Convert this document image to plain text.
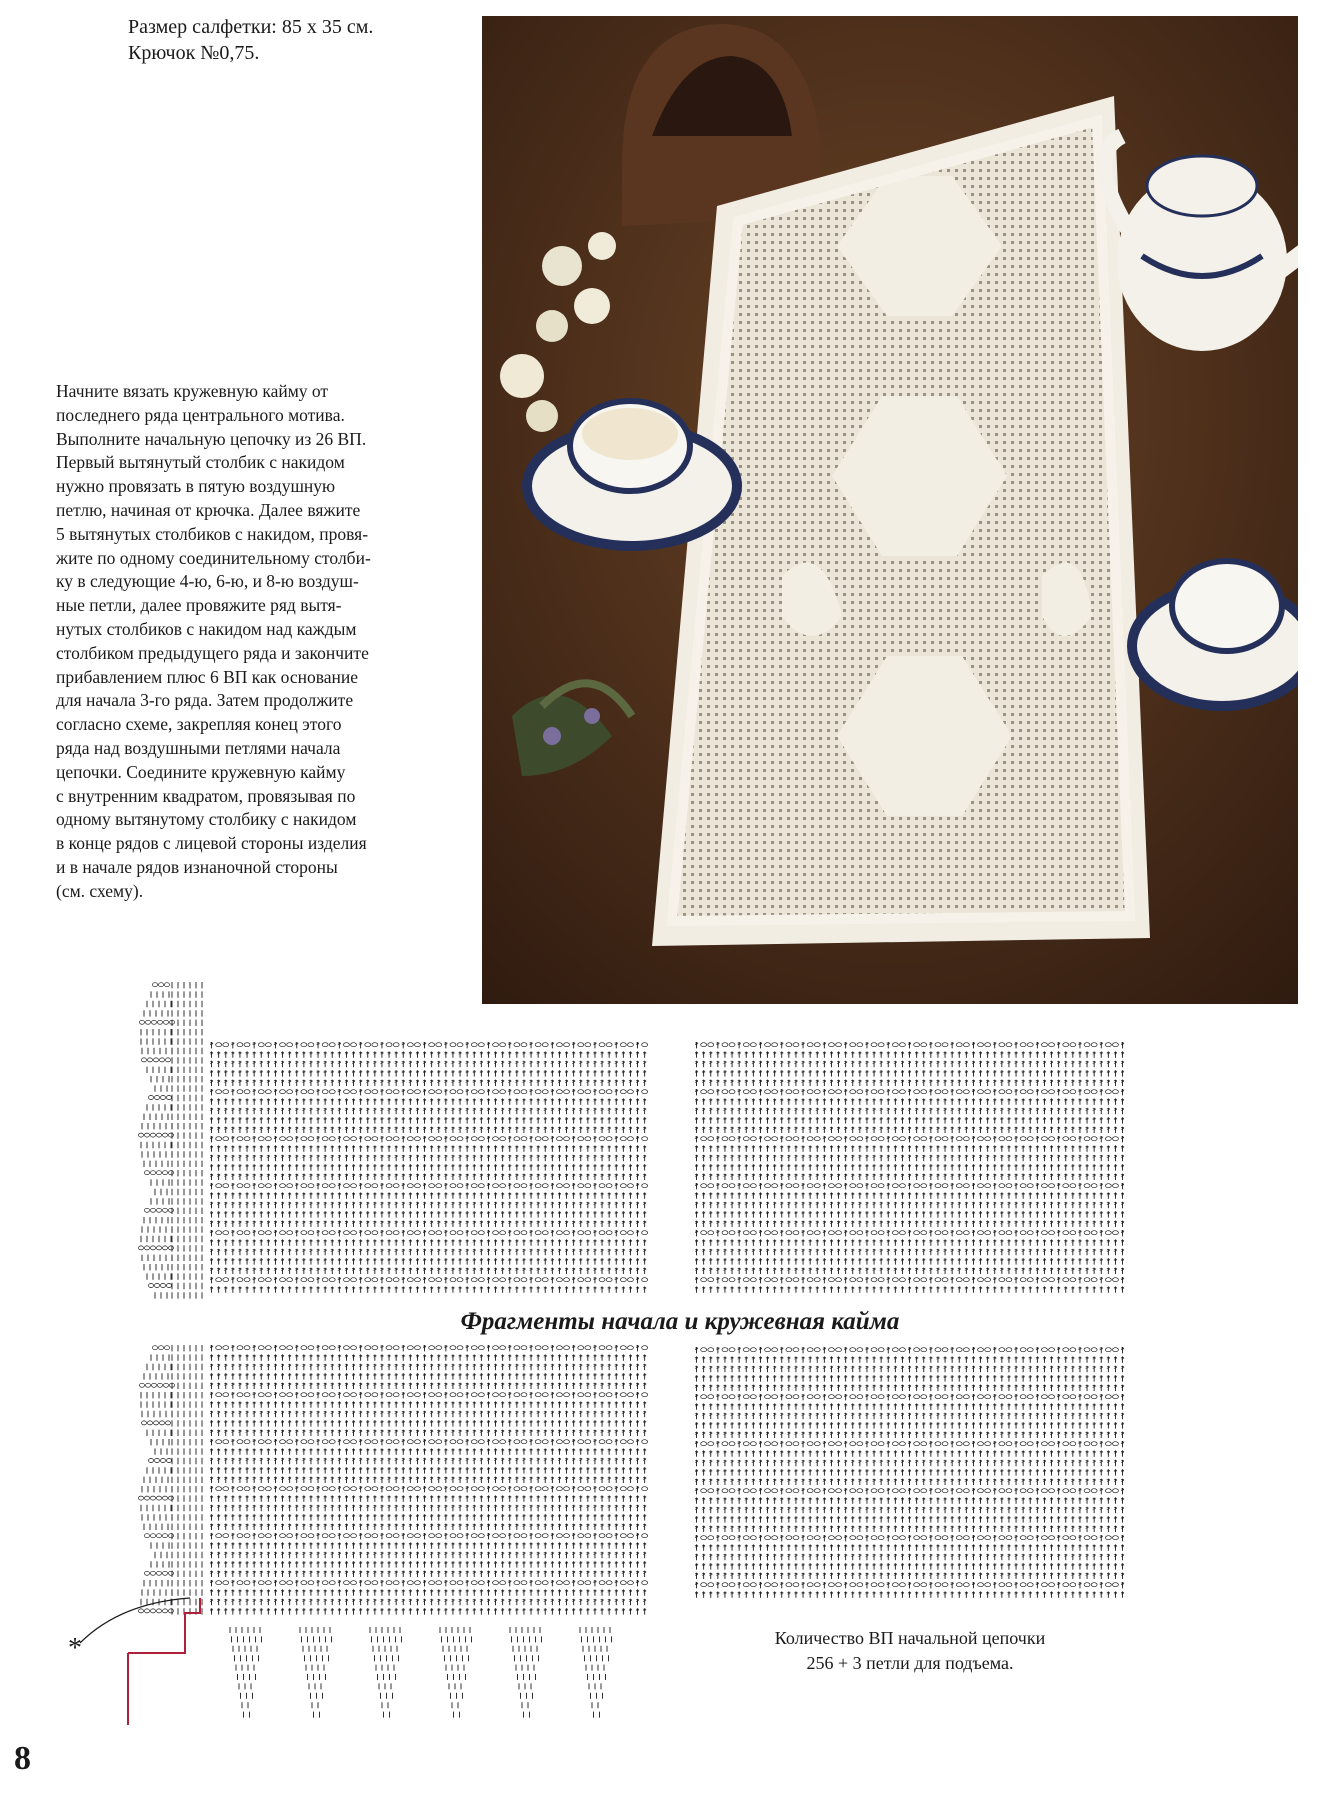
Размер салфетки: 85 х 35 см.
Крючок №0,75.
Начните вязать кружевную кайму от
последнего ряда центрального мотива.
Выполните начальную цепочку из 26 ВП.
Первый вытянутый столбик с накидом
нужно провязать в пятую воздушную
петлю, начиная от крючка. Далее вяжите
5 вытянутых столбиков с накидом, провя-
жите по одному соединительному столби-
ку в следующие 4-ю, 6-ю, и 8-ю воздуш-
ные петли, далее провяжите ряд вытя-
нутых столбиков с накидом над каждым
столбиком предыдущего ряда и закончите
прибавлением плюс 6 ВП как основание
для начала 3-го ряда. Затем продолжите
согласно схеме, закрепляя конец этого
ряда над воздушными петлями начала
цепочки. Соедините кружевную кайму
с внутренним квадратом, провязывая по
одному вытянутому столбику с накидом
в конце рядов с лицевой стороны изделия
и в начале рядов изнаночной стороны
(см. схему).
Фрагменты начала и кружевная кайма
Количество ВП начальной цепочки
256 + 3 петли для подъема.
*
8
